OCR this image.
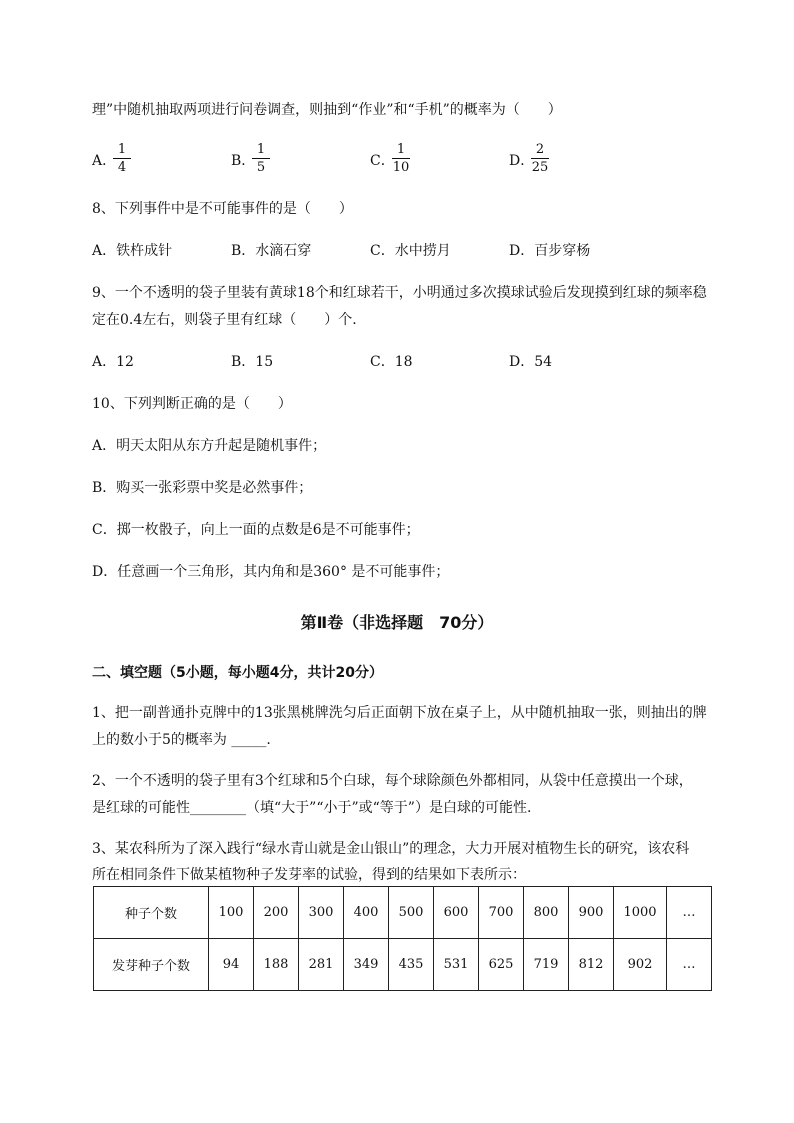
理”中随机抽取两项进行问卷调查，则抽到“作业”和“手机”的概率为（　　）
A．
1
4	B．
1
5	C．
1
10	D．
2
25
8、下列事件中是不可能事件的是（　　）
A．铁杵成针	B．水滴石穿	C．水中捞月	D．百步穿杨
9、一个不透明的袋子里装有黄球18个和红球若干，小明通过多次摸球试验后发现摸到红球的频率稳
定在0.4左右，则袋子里有红球（　　）个.
A．12	B．15	C．18	D．54
10、下列判断正确的是（　　）
A．明天太阳从东方升起是随机事件；
B．购买一张彩票中奖是必然事件；
C．掷一枚骰子，向上一面的点数是6是不可能事件；
D．任意画一个三角形，其内角和是360° 是不可能事件；
第Ⅱ卷（非选择题　70分）
二、填空题（5小题，每小题4分，共计20分）
1、把一副普通扑克牌中的13张黑桃牌洗匀后正面朝下放在桌子上，从中随机抽取一张，则抽出的牌
上的数小于5的概率为 _____.
2、一个不透明的袋子里有3个红球和5个白球，每个球除颜色外都相同，从袋中任意摸出一个球，
是红球的可能性________（填“大于”“小于”或“等于”）是白球的可能性.
3、某农科所为了深入践行“绿水青山就是金山银山”的理念，大力开展对植物生长的研究，该农科
所在相同条件下做某植物种子发芽率的试验，得到的结果如下表所示：
种子个数	100	200	300	400	500	600	700	800	900	1000	…
发芽种子个数	94	188	281	349	435	531	625	719	812	902	…
